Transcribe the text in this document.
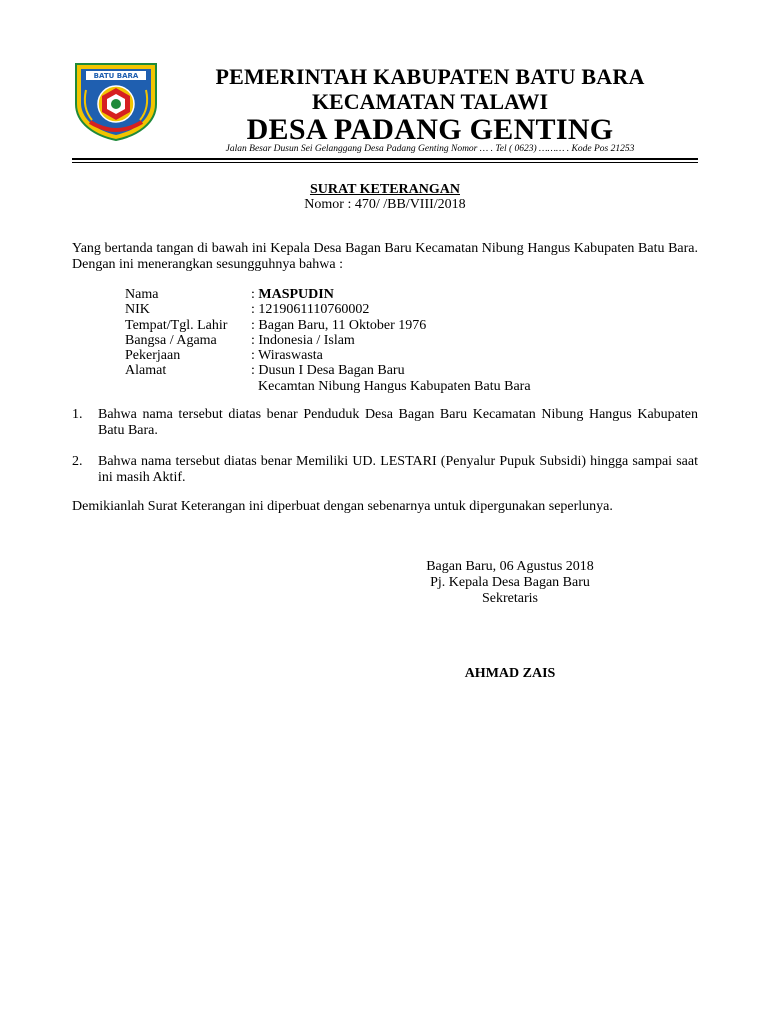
BATU BARA	PEMERINTAH KABUPATEN BATU BARA
KECAMATAN TALAWI
DESA PADANG GENTING
Jalan Besar Dusun Sei Gelanggang Desa Padang Genting Nomor … . Tel ( 0623) ……… . Kode Pos 21253
SURAT KETERANGAN
Nomor : 470/ /BB/VIII/2018
Yang bertanda tangan di bawah ini Kepala Desa Bagan Baru Kecamatan Nibung Hangus Kabupaten Batu Bara. Dengan ini menerangkan sesungguhnya bahwa :
Nama	: MASPUDIN
NIK	: 1219061110760002
Tempat/Tgl. Lahir	: Bagan Baru, 11 Oktober 1976
Bangsa / Agama	: Indonesia / Islam
Pekerjaan	: Wiraswasta
Alamat	: Dusun I Desa Bagan Baru
Kecamtan Nibung Hangus Kabupaten Batu Bara
1.	Bahwa nama tersebut diatas benar Penduduk Desa Bagan Baru Kecamatan Nibung Hangus Kabupaten Batu Bara.
2.	Bahwa nama tersebut diatas benar Memiliki UD. LESTARI (Penyalur Pupuk Subsidi) hingga sampai saat ini masih Aktif.
Demikianlah Surat Keterangan ini diperbuat dengan sebenarnya untuk dipergunakan seperlunya.
Bagan Baru, 06 Agustus 2018
Pj. Kepala Desa Bagan Baru
Sekretaris
AHMAD ZAIS
